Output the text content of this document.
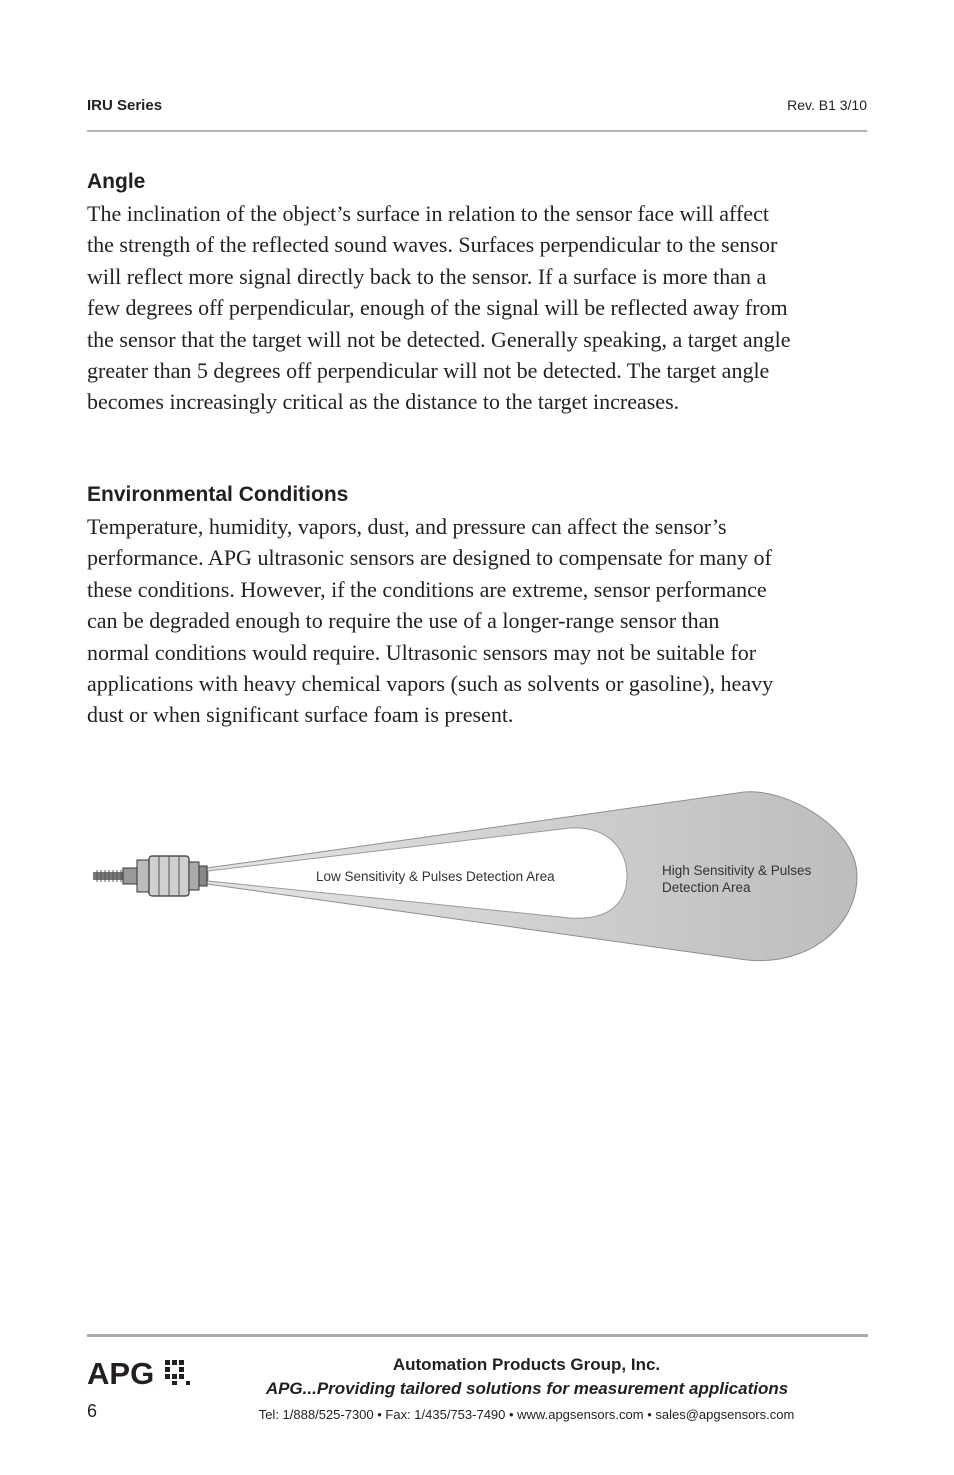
IRU Series	Rev. B1 3/10
Angle
The inclination of the object’s surface in relation to the sensor face will affect
the strength of the reflected sound waves. Surfaces perpendicular to the sensor
will reflect more signal directly back to the sensor. If a surface is more than a
few degrees off perpendicular, enough of the signal will be reflected away from
the sensor that the target will not be detected. Generally speaking, a target angle
greater than 5 degrees off perpendicular will not be detected. The target angle
becomes increasingly critical as the distance to the target increases.
Environmental Conditions
Temperature, humidity, vapors, dust, and pressure can affect the sensor’s
performance. APG ultrasonic sensors are designed to compensate for many of
these conditions. However, if the conditions are extreme, sensor performance
can be degraded enough to require the use of a longer-range sensor than
normal conditions would require. Ultrasonic sensors may not be suitable for
applications with heavy chemical vapors (such as solvents or gasoline), heavy
dust or when significant surface foam is present.
Low Sensitivity & Pulses Detection Area	High Sensitivity & Pulses
Detection Area
APG
6
Automation Products Group, Inc.
APG...Providing tailored solutions for measurement applications
Tel: 1/888/525-7300 • Fax: 1/435/753-7490 • www.apgsensors.com • sales@apgsensors.com
